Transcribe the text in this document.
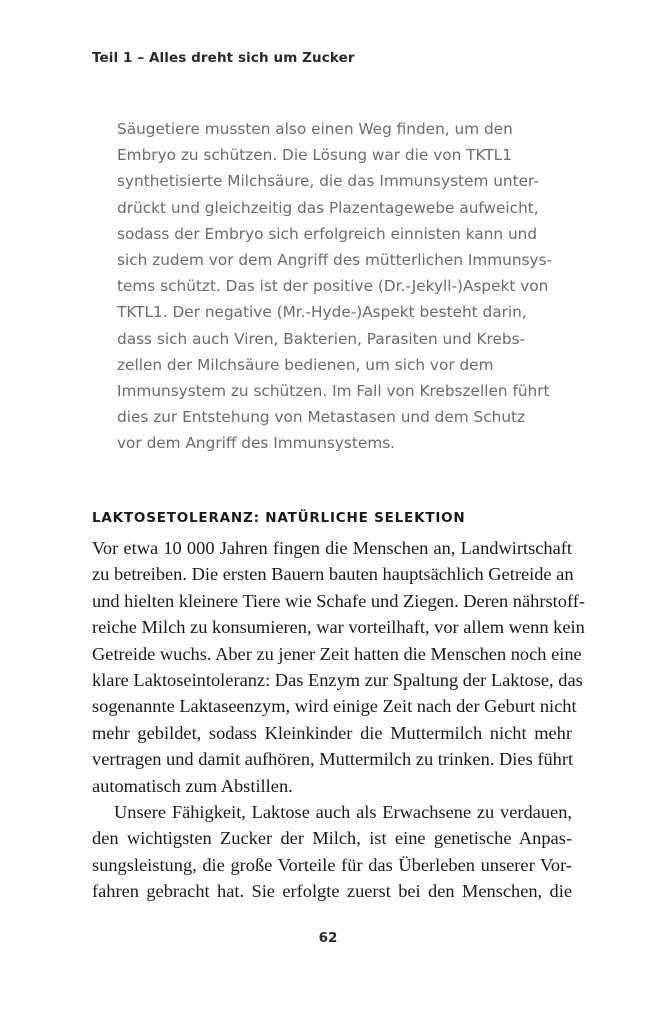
Teil 1 – Alles dreht sich um Zucker
Säugetiere mussten also einen Weg finden, um den
Embryo zu schützen. Die Lösung war die von TKTL1
synthetisierte Milchsäure, die das Immunsystem unter-
drückt und gleichzeitig das Plazentagewebe aufweicht,
sodass der Embryo sich erfolgreich einnisten kann und
sich zudem vor dem Angriff des mütterlichen Immunsys-
tems schützt. Das ist der positive (Dr.-Jekyll-)Aspekt von
TKTL1. Der negative (Mr.-Hyde-)Aspekt besteht darin,
dass sich auch Viren, Bakterien, Parasiten und Krebs-
zellen der Milchsäure bedienen, um sich vor dem
Immunsystem zu schützen. Im Fall von Krebszellen führt
dies zur Entstehung von Metastasen und dem Schutz
vor dem Angriff des Immunsystems.
LAKTOSETOLERANZ: NATÜRLICHE SELEKTION
Vor etwa 10 000 Jahren fingen die Menschen an, Landwirtschaft
zu betreiben. Die ersten Bauern bauten hauptsächlich Getreide an
und hielten kleinere Tiere wie Schafe und Ziegen. Deren nährstoff-
reiche Milch zu konsumieren, war vorteilhaft, vor allem wenn kein
Getreide wuchs. Aber zu jener Zeit hatten die Menschen noch eine
klare Laktoseintoleranz: Das Enzym zur Spaltung der Laktose, das
sogenannte Laktaseenzym, wird einige Zeit nach der Geburt nicht
mehr gebildet, sodass Kleinkinder die Muttermilch nicht mehr
vertragen und damit aufhören, Muttermilch zu trinken. Dies führt
automatisch zum Abstillen.
Unsere Fähigkeit, Laktose auch als Erwachsene zu verdauen,
den wichtigsten Zucker der Milch, ist eine genetische Anpas-
sungsleistung, die große Vorteile für das Überleben unserer Vor-
fahren gebracht hat. Sie erfolgte zuerst bei den Menschen, die
62
